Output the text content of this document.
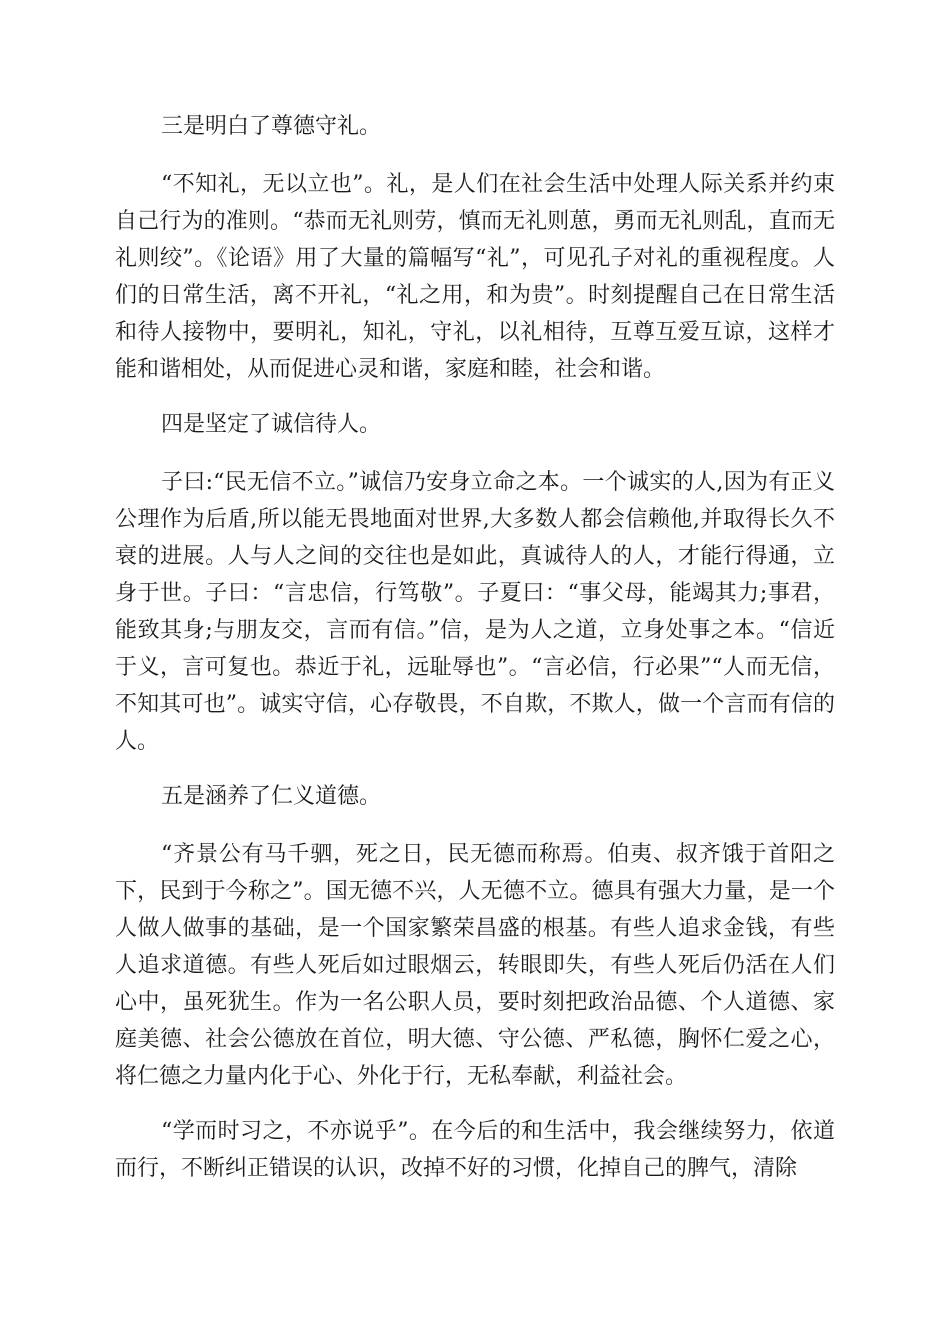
三是明白了尊德守礼。

“不知礼，无以立也”。礼，是人们在社会生活中处理人际关系并约束自己行为的准则。“恭而无礼则劳，慎而无礼则葸，勇而无礼则乱，直而无礼则绞”。《论语》用了大量的篇幅写“礼”，可见孔子对礼的重视程度。人们的日常生活，离不开礼，“礼之用，和为贵”。时刻提醒自己在日常生活和待人接物中，要明礼，知礼，守礼，以礼相待，互尊互爱互谅，这样才能和谐相处，从而促进心灵和谐，家庭和睦，社会和谐。

四是坚定了诚信待人。

子曰:“民无信不立。”诚信乃安身立命之本。一个诚实的人,因为有正义公理作为后盾,所以能无畏地面对世界,大多数人都会信赖他,并取得长久不衰的进展。人与人之间的交往也是如此，真诚待人的人，才能行得通，立身于世。子曰：“言忠信，行笃敬”。子夏曰：“事父母，能竭其力;事君，能致其身;与朋友交，言而有信。”信，是为人之道，立身处事之本。“信近于义，言可复也。恭近于礼，远耻辱也”。“言必信，行必果”“人而无信，不知其可也”。诚实守信，心存敬畏，不自欺，不欺人，做一个言而有信的人。

五是涵养了仁义道德。

“齐景公有马千驷，死之日，民无德而称焉。伯夷、叔齐饿于首阳之下，民到于今称之”。国无德不兴，人无德不立。德具有强大力量，是一个人做人做事的基础，是一个国家繁荣昌盛的根基。有些人追求金钱，有些人追求道德。有些人死后如过眼烟云，转眼即失，有些人死后仍活在人们心中，虽死犹生。作为一名公职人员，要时刻把政治品德、个人道德、家庭美德、社会公德放在首位，明大德、守公德、严私德，胸怀仁爱之心，将仁德之力量内化于心、外化于行，无私奉献，利益社会。

“学而时习之，不亦说乎”。在今后的和生活中，我会继续努力，依道而行，不断纠正错误的认识，改掉不好的习惯，化掉自己的脾气，清除
